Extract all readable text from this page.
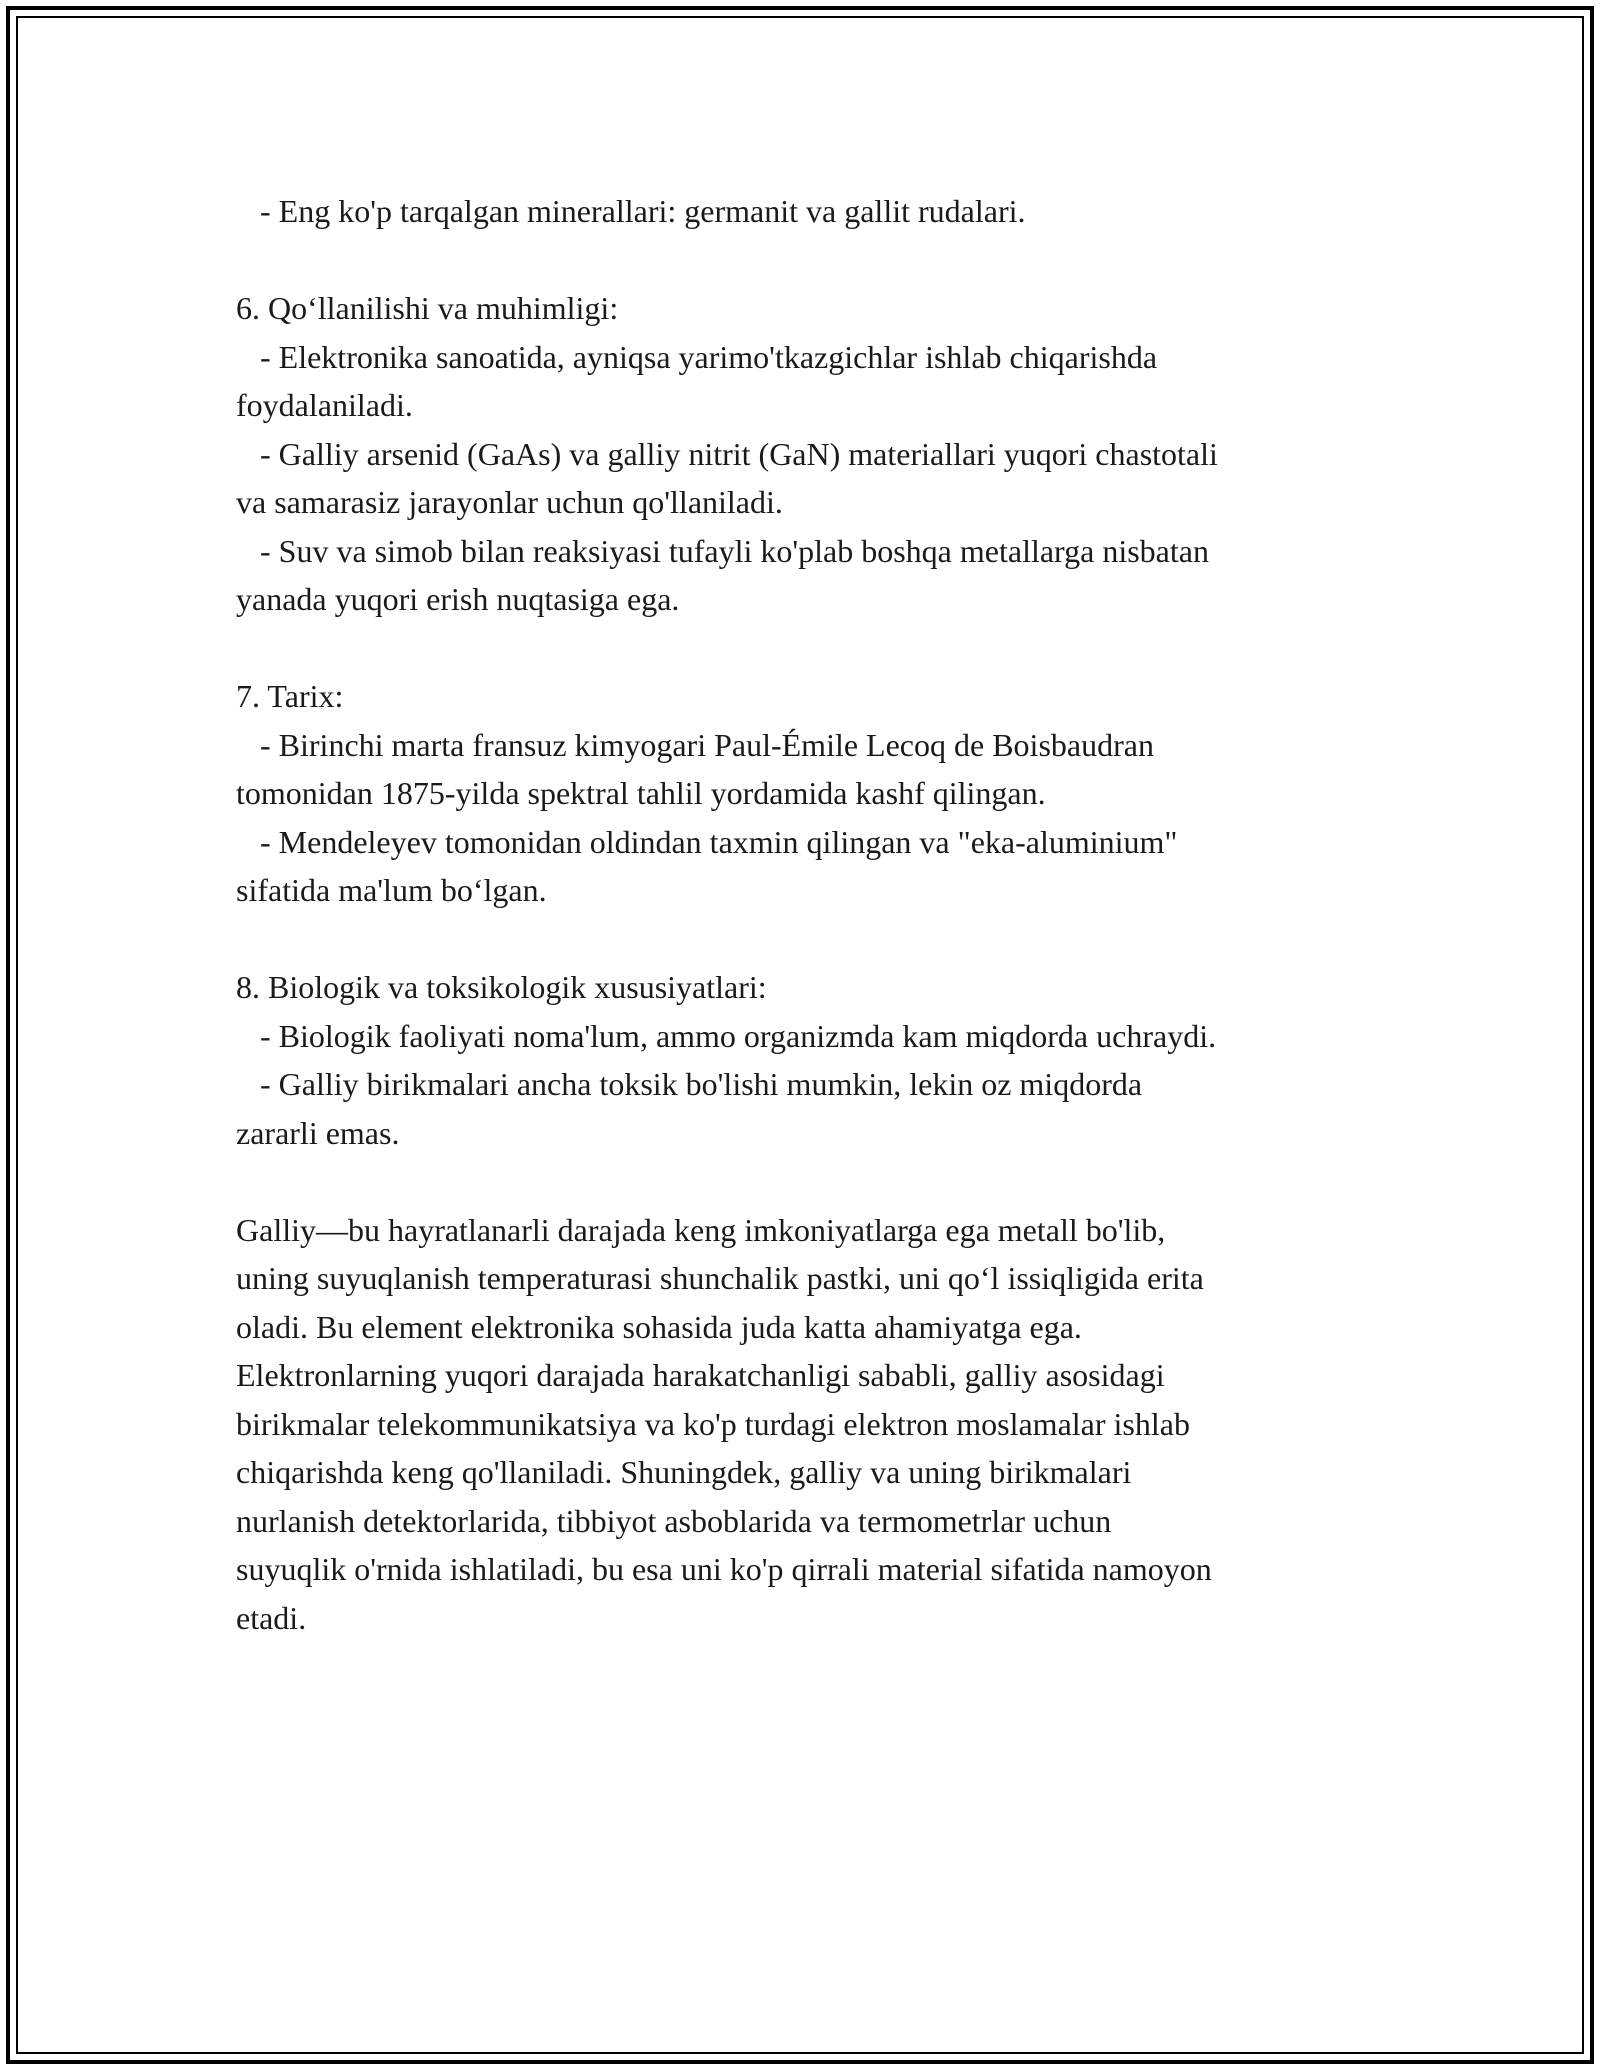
- Eng ko'p tarqalgan minerallari: germanit va gallit rudalari.

6. Qo‘llanilishi va muhimligi:

- Elektronika sanoatida, ayniqsa yarimo'tkazgichlar ishlab chiqarishda

foydalaniladi.

- Galliy arsenid (GaAs) va galliy nitrit (GaN) materiallari yuqori chastotali

va samarasiz jarayonlar uchun qo'llaniladi.

- Suv va simob bilan reaksiyasi tufayli ko'plab boshqa metallarga nisbatan

yanada yuqori erish nuqtasiga ega.

7. Tarix:

- Birinchi marta fransuz kimyogari Paul-Émile Lecoq de Boisbaudran

tomonidan 1875-yilda spektral tahlil yordamida kashf qilingan.

- Mendeleyev tomonidan oldindan taxmin qilingan va "eka-aluminium"

sifatida ma'lum bo‘lgan.

8. Biologik va toksikologik xususiyatlari:

- Biologik faoliyati noma'lum, ammo organizmda kam miqdorda uchraydi.

- Galliy birikmalari ancha toksik bo'lishi mumkin, lekin oz miqdorda

zararli emas.

Galliy—bu hayratlanarli darajada keng imkoniyatlarga ega metall bo'lib,

uning suyuqlanish temperaturasi shunchalik pastki, uni qo‘l issiqligida erita

oladi. Bu element elektronika sohasida juda katta ahamiyatga ega.

Elektronlarning yuqori darajada harakatchanligi sababli, galliy asosidagi

birikmalar telekommunikatsiya va ko'p turdagi elektron moslamalar ishlab

chiqarishda keng qo'llaniladi. Shuningdek, galliy va uning birikmalari

nurlanish detektorlarida, tibbiyot asboblarida va termometrlar uchun

suyuqlik o'rnida ishlatiladi, bu esa uni ko'p qirrali material sifatida namoyon

etadi.
